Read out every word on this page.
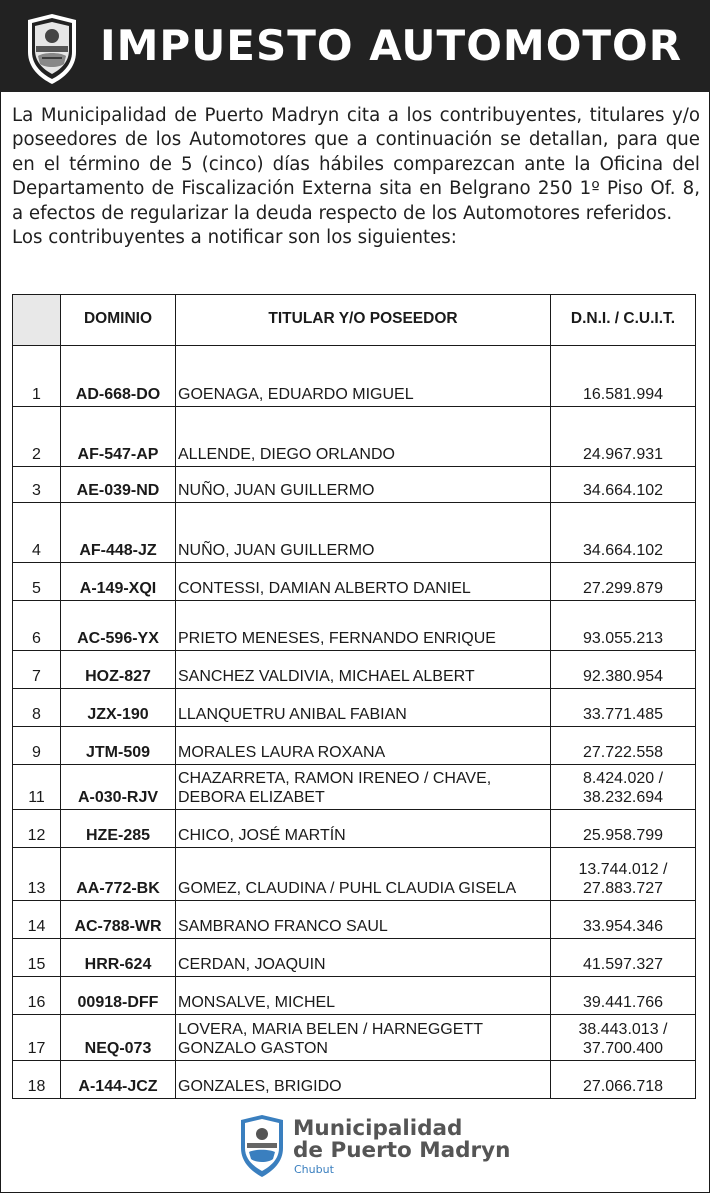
IMPUESTO AUTOMOTOR

La Municipalidad de Puerto Madryn cita a los contribuyentes, titulares y/o poseedores de los Automotores que a continuación se detallan, para que en el término de 5 (cinco) días hábiles comparezcan ante la Oficina del Departamento de Fiscalización Externa sita en Belgrano 250 1º Piso Of. 8, a efectos de regularizar la deuda respecto de los Automotores referidos.

Los contribuyentes a notificar son los siguientes:
	DOMINIO	TITULAR Y/O POSEEDOR	D.N.I. / C.U.I.T.
1	AD-668-DO	GOENAGA, EDUARDO MIGUEL	16.581.994
2	AF-547-AP	ALLENDE, DIEGO ORLANDO	24.967.931
3	AE-039-ND	NUÑO, JUAN GUILLERMO	34.664.102
4	AF-448-JZ	NUÑO, JUAN GUILLERMO	34.664.102
5	A-149-XQI	CONTESSI, DAMIAN ALBERTO DANIEL	27.299.879
6	AC-596-YX	PRIETO MENESES, FERNANDO ENRIQUE	93.055.213
7	HOZ-827	SANCHEZ VALDIVIA, MICHAEL ALBERT	92.380.954
8	JZX-190	LLANQUETRU ANIBAL FABIAN	33.771.485
9	JTM-509	MORALES LAURA ROXANA	27.722.558
11	A-030-RJV	CHAZARRETA, RAMON IRENEO / CHAVE, DEBORA ELIZABET	8.424.020 / 38.232.694
12	HZE-285	CHICO, JOSÉ MARTÍN	25.958.799
13	AA-772-BK	GOMEZ, CLAUDINA / PUHL CLAUDIA GISELA	13.744.012 / 27.883.727
14	AC-788-WR	SAMBRANO FRANCO SAUL	33.954.346
15	HRR-624	CERDAN, JOAQUIN	41.597.327
16	00918-DFF	MONSALVE, MICHEL	39.441.766
17	NEQ-073	LOVERA, MARIA BELEN / HARNEGGETT GONZALO GASTON	38.443.013 / 37.700.400
18	A-144-JCZ	GONZALES, BRIGIDO	27.066.718
Municipalidad
de Puerto Madryn
Chubut
